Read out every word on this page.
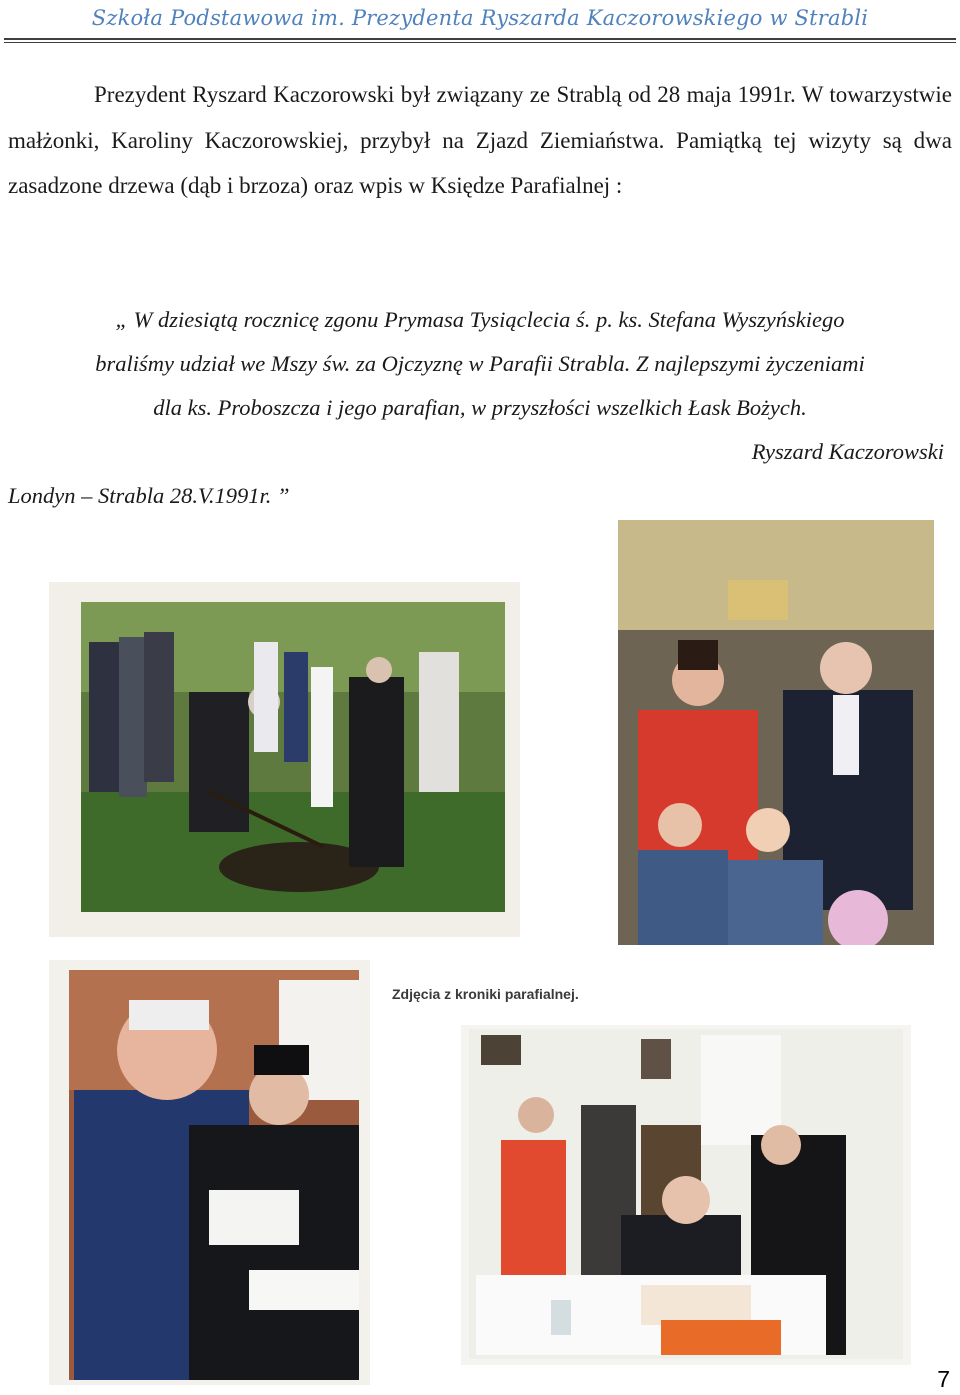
Szkoła Podstawowa im. Prezydenta Ryszarda Kaczorowskiego w Strabli

Prezydent Ryszard Kaczorowski był związany ze Strablą od 28 maja 1991r. W towarzystwie małżonki, Karoliny Kaczorowskiej, przybył na Zjazd Ziemiaństwa. Pamiątką tej wizyty są dwa zasadzone drzewa (dąb i brzoza) oraz wpis w Księdze Parafialnej :

„ W dziesiątą rocznicę zgonu Prymasa Tysiąclecia ś. p. ks. Stefana Wyszyńskiego

braliśmy udział we Mszy św. za Ojczyznę w Parafii Strabla. Z najlepszymi życzeniami

dla ks. Proboszcza i jego parafian, w przyszłości wszelkich Łask Bożych.

Ryszard Kaczorowski

Londyn – Strabla 28.V.1991r. ”

Zdjęcia z kroniki parafialnej.
7
